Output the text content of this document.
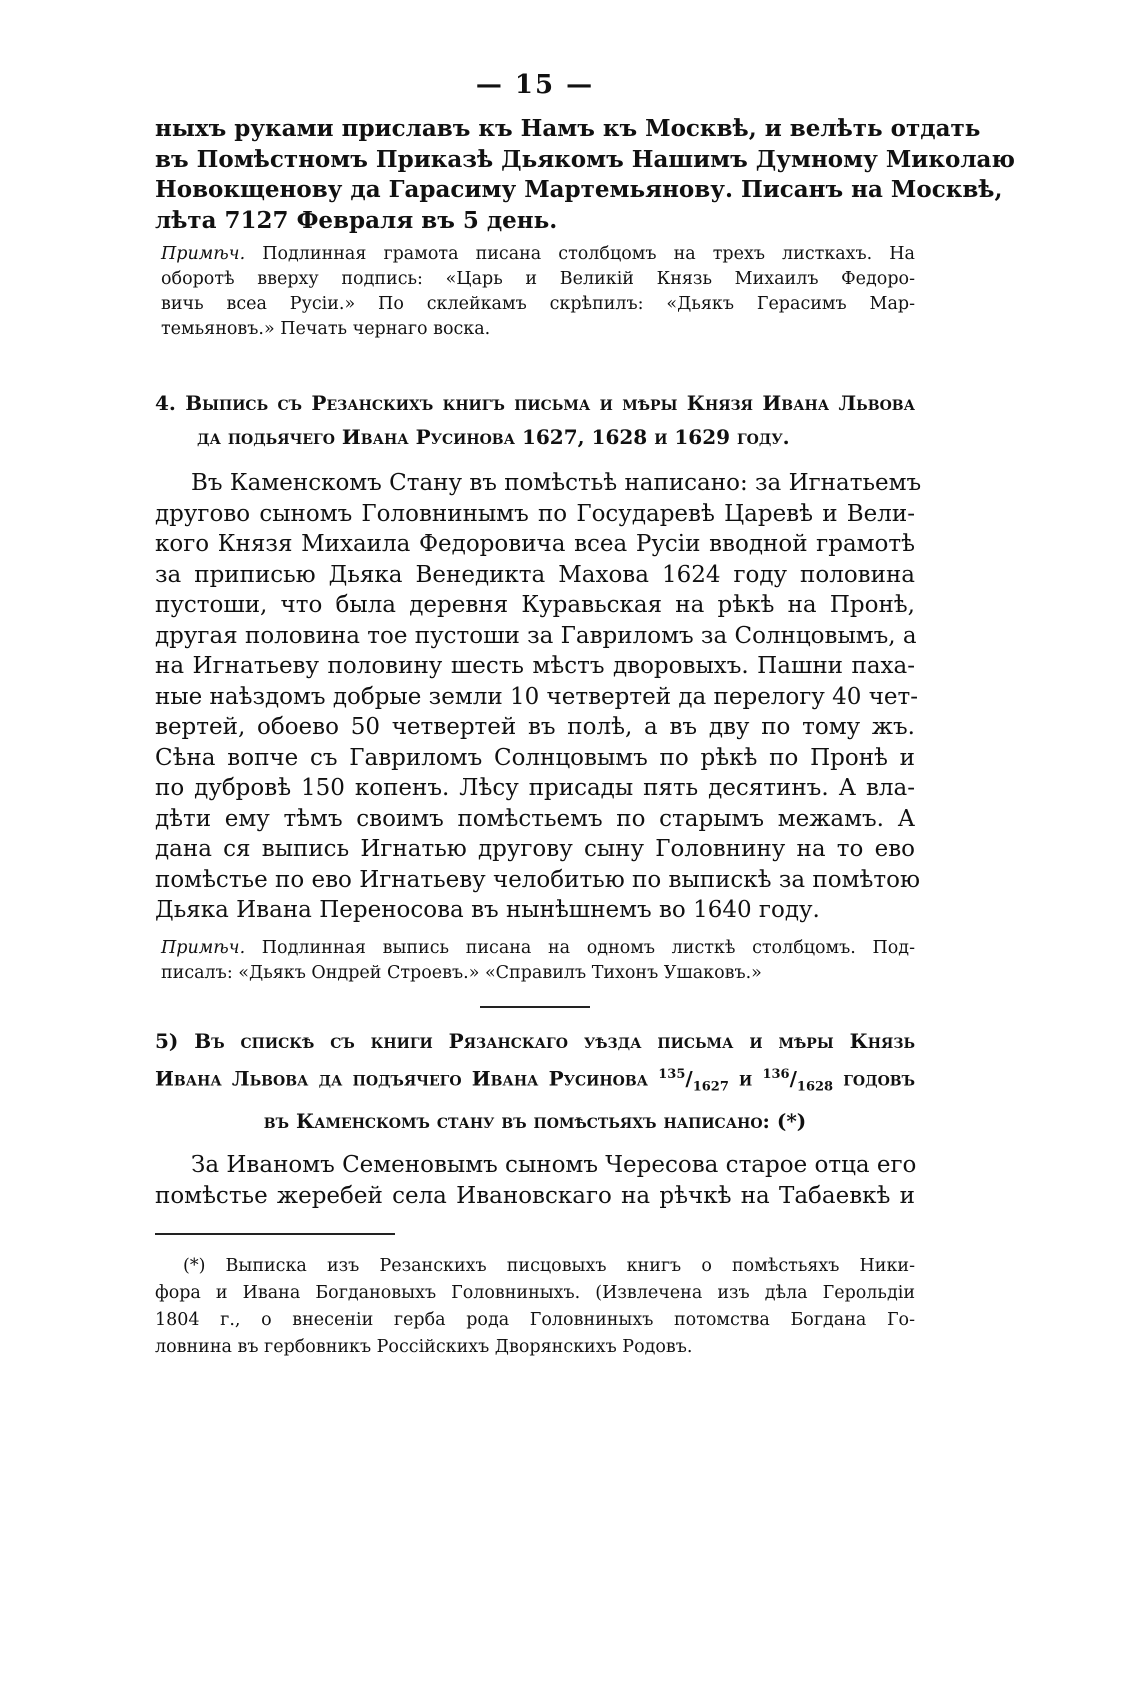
— 15 —
ныхъ руками приславъ къ Намъ къ Москвѣ, и велѣть отдать
въ Помѣстномъ Приказѣ Дьякомъ Нашимъ Думному Миколаю
Новокщенову да Гарасиму Мартемьянову. Писанъ на Москвѣ,
лѣта 7127 Февраля въ 5 день.
Примѣч. Подлинная грамота писана столбцомъ на трехъ листкахъ. На
оборотѣ вверху подпись: «Царь и Великій Князь Михаилъ Федоро-
вичь всеа Русіи.» По склейкамъ скрѣпилъ: «Дьякъ Герасимъ Мар-
темьяновъ.» Печать чернаго воска.
4. Выпись съ Резанскихъ книгъ письма и мѣры Князя Ивана Львова
да подьячего Ивана Русинова 1627, 1628 и 1629 году.
Въ Каменскомъ Стану въ помѣстьѣ написано: за Игнатьемъ
другово сыномъ Головнинымъ по Государевѣ Царевѣ и Вели-
кого Князя Михаила Федоровича всеа Русіи вводной грамотѣ
за приписью Дьяка Венедикта Махова 1624 году половина
пустоши, что была деревня Куравьская на рѣкѣ на Пронѣ,
другая половина тое пустоши за Гавриломъ за Солнцовымъ, а
на Игнатьеву половину шесть мѣстъ дворовыхъ. Пашни паха-
ные наѣздомъ добрые земли 10 четвертей да перелогу 40 чет-
вертей, обоево 50 четвертей въ полѣ, а въ дву по тому жъ.
Сѣна вопче съ Гавриломъ Солнцовымъ по рѣкѣ по Пронѣ и
по дубровѣ 150 копенъ. Лѣсу присады пять десятинъ. А вла-
дѣти ему тѣмъ своимъ помѣстьемъ по старымъ межамъ. А
дана ся выпись Игнатью другову сыну Головнину на то ево
помѣстье по ево Игнатьеву челобитью по выпискѣ за помѣтою
Дьяка Ивана Переносова въ нынѣшнемъ во 1640 году.
Примѣч. Подлинная выпись писана на одномъ листкѣ столбцомъ. Под-
писалъ: «Дьякъ Ондрей Строевъ.» «Справилъ Тихонъ Ушаковъ.»
5) Въ спискѣ съ книги Рязанскаго уѣзда письма и мѣры Князь
Ивана Львова да подъячего Ивана Русинова $^{135}/_{1627}$ и $^{136}/_{1628}$ годовъ
въ Каменскомъ стану въ помѣстьяхъ написано: (*)
За Иваномъ Семеновымъ сыномъ Чересова старое отца его
помѣстье жеребей села Ивановскаго на рѣчкѣ на Табаевкѣ и
(*) Выписка изъ Резанскихъ писцовыхъ книгъ о помѣстьяхъ Ники-
фора и Ивана Богдановыхъ Головниныхъ. (Извлечена изъ дѣла Герольдіи
1804 г., о внесеніи герба рода Головниныхъ потомства Богдана Го-
ловнина въ гербовникъ Россійскихъ Дворянскихъ Родовъ.
